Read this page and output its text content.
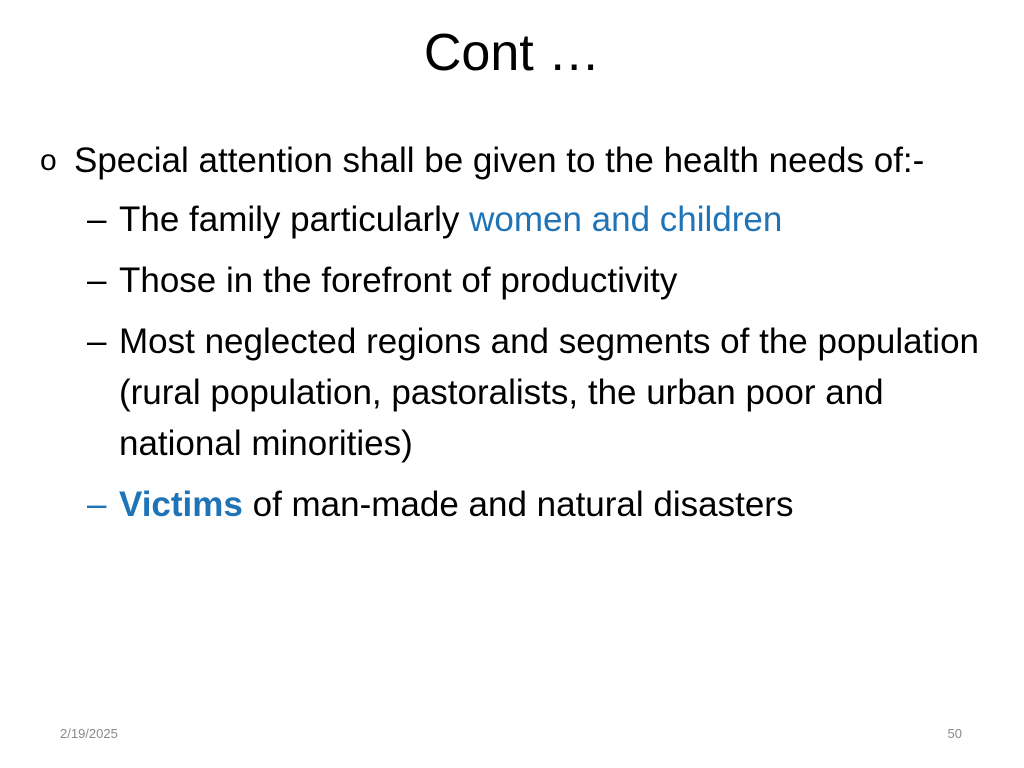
Cont …
o Special attention shall be given to the health needs of:-
– The family particularly women and children
– Those in the forefront of productivity
– Most neglected regions and segments of the population (rural population, pastoralists, the urban poor and national minorities)
– Victims of man-made and natural disasters
2/19/2025	50
